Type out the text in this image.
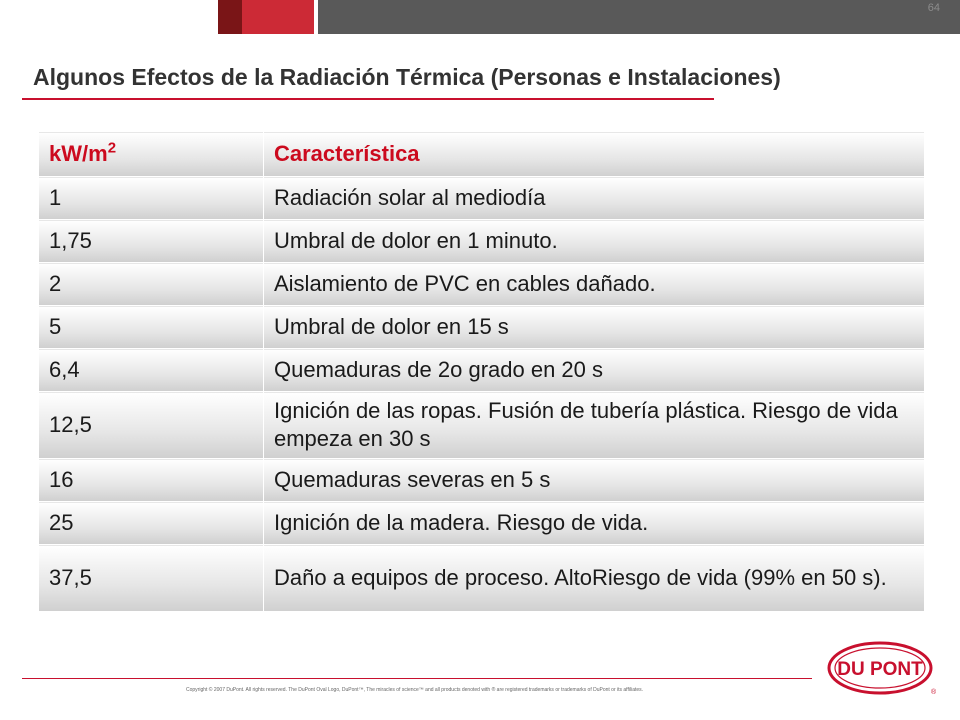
64
Algunos Efectos de la Radiación Térmica (Personas e Instalaciones)
$kW/m^2$	Característica
1	Radiación solar al mediodía
1,75	Umbral de dolor en 1 minuto.
2	Aislamiento de PVC en cables dañado.
5	Umbral de dolor en 15 s
6,4	Quemaduras de 2o grado en 20 s
12,5	Ignición de las ropas. Fusión de tubería plástica. Riesgo de vida empeza en 30 s
16	Quemaduras severas en 5 s
25	Ignición de la madera. Riesgo de vida.
37,5	Daño a equipos de proceso. AltoRiesgo de vida (99% en 50 s).
Copyright © 2007 DuPont. All rights reserved. The DuPont Oval Logo, DuPont™, The miracles of science™ and all products denoted with ® are registered trademarks or trademarks of DuPont or its affiliates.
DU PONT
®
